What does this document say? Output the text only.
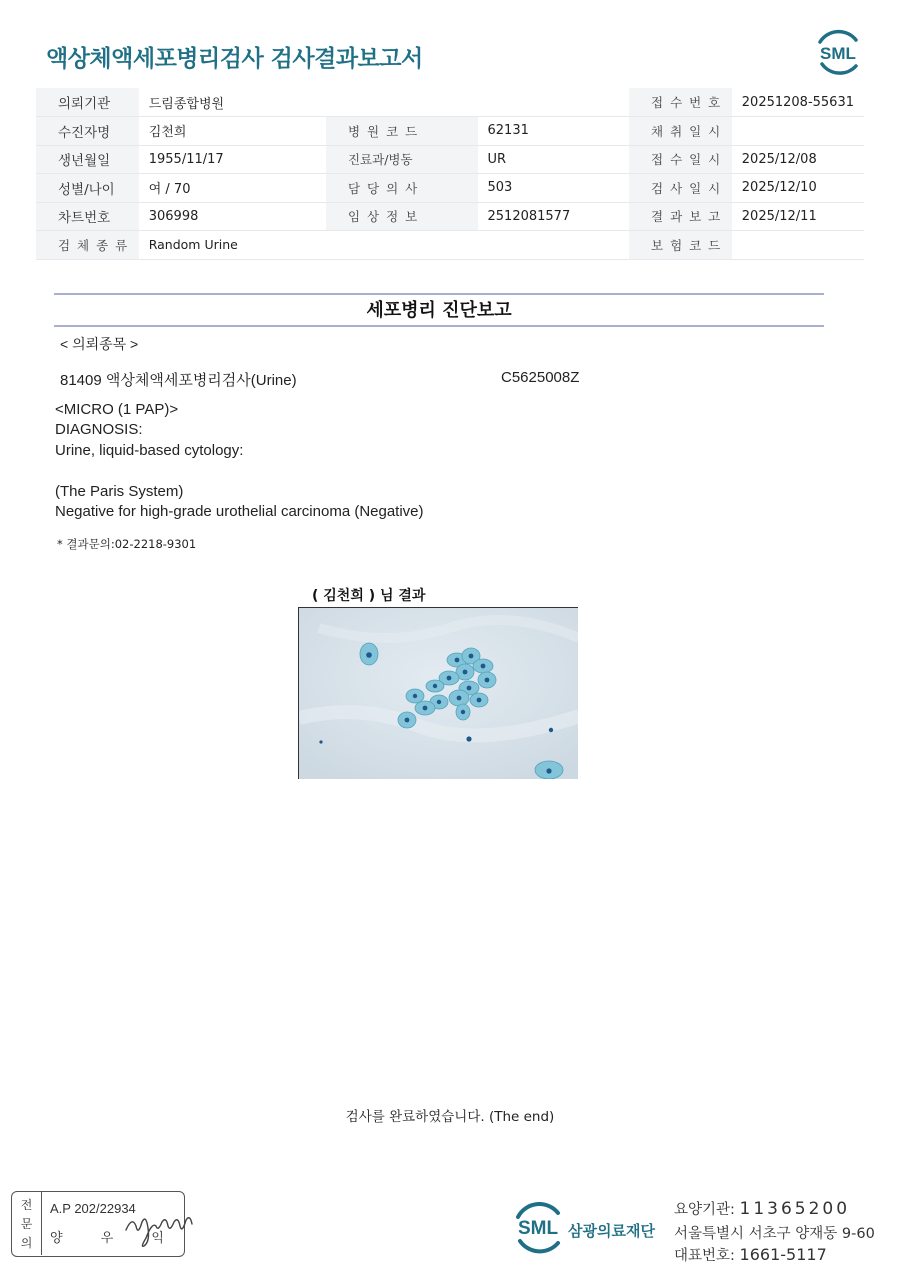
액상체액세포병리검사 검사결과보고서	SML
의뢰기관	드림종합병원			접 수 번 호	20251208-55631
수진자명	김천희	병 원 코 드	62131	채 취 일 시	
생년월일	1955/11/17	진료과/병동	UR	접 수 일 시	2025/12/08
성별/나이	여 / 70	담 당 의 사	503	검 사 일 시	2025/12/10
차트번호	306998	임 상 정 보	2512081577	결 과 보 고	2025/12/11
검 체 종 류	Random Urine			보 험 코 드	
세포병리 진단보고
< 의뢰종목 >
81409 액상체액세포병리검사(Urine)	C5625008Z
<MICRO (1 PAP)>
DIAGNOSIS:
Urine, liquid-based cytology:
(The Paris System)
Negative for high-grade urothelial carcinoma (Negative)
* 결과문의:02-2218-9301
( 김천희 ) 님 결과
검사를 완료하였습니다. (The end)
전
문
의
A.P 202/22934
양 우 익	SML 삼광의료재단
요양기관: 11365200
서울특별시 서초구 양재동 9-60
대표번호: 1661-5117
